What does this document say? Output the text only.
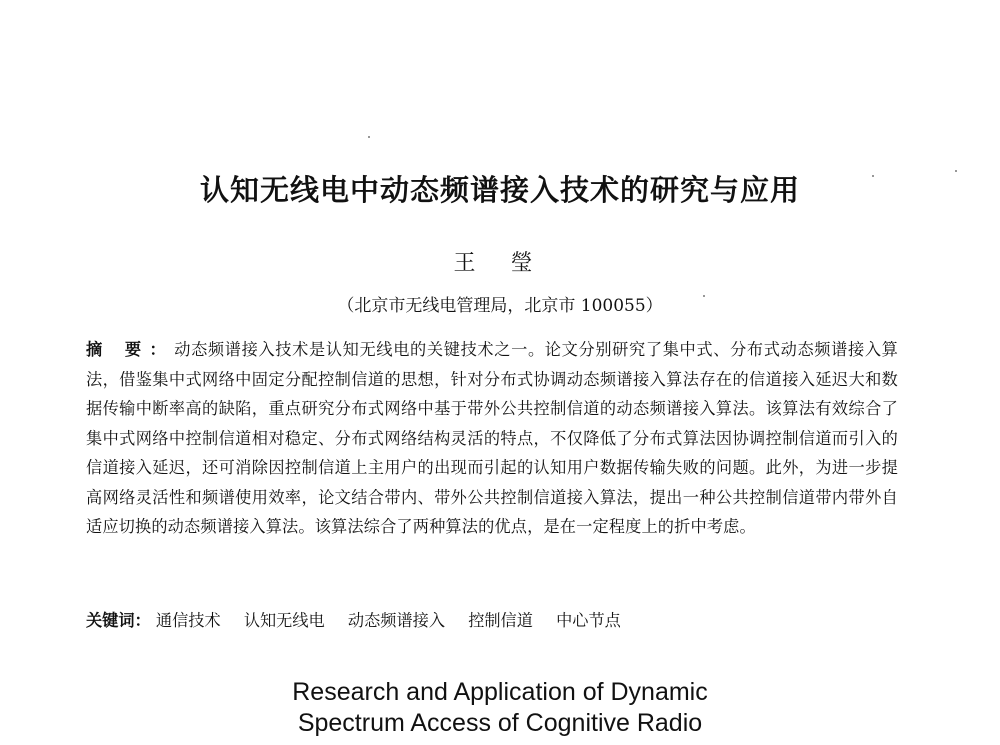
认知无线电中动态频谱接入技术的研究与应用
王 瑩
（北京市无线电管理局，北京市 100055）
摘 要：动态频谱接入技术是认知无线电的关键技术之一。论文分别研究了集中式、分布式动态频谱接入算法，借鉴集中式网络中固定分配控制信道的思想，针对分布式协调动态频谱接入算法存在的信道接入延迟大和数据传输中断率高的缺陷，重点研究分布式网络中基于带外公共控制信道的动态频谱接入算法。该算法有效综合了集中式网络中控制信道相对稳定、分布式网络结构灵活的特点，不仅降低了分布式算法因协调控制信道而引入的信道接入延迟，还可消除因控制信道上主用户的出现而引起的认知用户数据传输失败的问题。此外，为进一步提高网络灵活性和频谱使用效率，论文结合带内、带外公共控制信道接入算法，提出一种公共控制信道带内带外自适应切换的动态频谱接入算法。该算法综合了两种算法的优点，是在一定程度上的折中考虑。
关键词： 通信技术 认知无线电 动态频谱接入 控制信道 中心节点
Research and Application of Dynamic
Spectrum Access of Cognitive Radio
